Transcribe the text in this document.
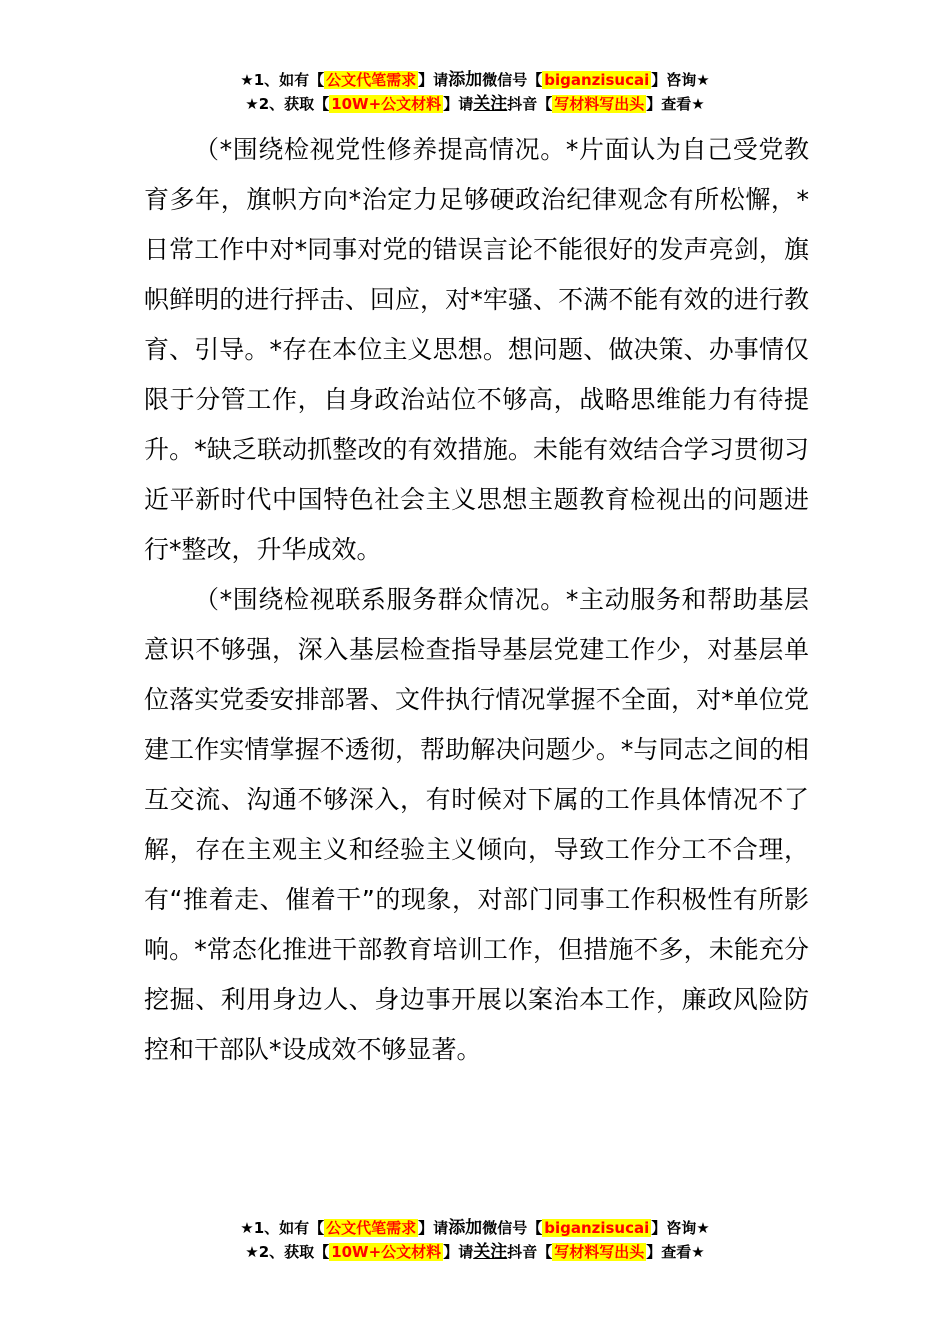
★1、如有【 公文代笔需求 】请添加微信号【 biganzisucai 】咨询★
★2、获取【 10W+公文材料 】请关注抖音【 写材料写出头 】查看★

（*围绕检视党性修养提高情况。*片面认为自己受党教育多年，旗帜方向*治定力足够硬政治纪律观念有所松懈，*日常工作中对*同事对党的错误言论不能很好的发声亮剑，旗帜鲜明的进行抨击、回应，对*牢骚、不满不能有效的进行教育、引导。*存在本位主义思想。想问题、做决策、办事情仅限于分管工作，自身政治站位不够高，战略思维能力有待提升。*缺乏联动抓整改的有效措施。未能有效结合学习贯彻习近平新时代中国特色社会主义思想主题教育检视出的问题进行*整改，升华成效。

（*围绕检视联系服务群众情况。*主动服务和帮助基层意识不够强，深入基层检查指导基层党建工作少，对基层单位落实党委安排部署、文件执行情况掌握不全面，对*单位党建工作实情掌握不透彻，帮助解决问题少。*与同志之间的相互交流、沟通不够深入，有时候对下属的工作具体情况不了解，存在主观主义和经验主义倾向，导致工作分工不合理，有“推着走、催着干”的现象，对部门同事工作积极性有所影响。*常态化推进干部教育培训工作，但措施不多，未能充分挖掘、利用身边人、身边事开展以案治本工作，廉政风险防控和干部队*设成效不够显著。

★1、如有【 公文代笔需求 】请添加微信号【 biganzisucai 】咨询★
★2、获取【 10W+公文材料 】请关注抖音【 写材料写出头 】查看★
